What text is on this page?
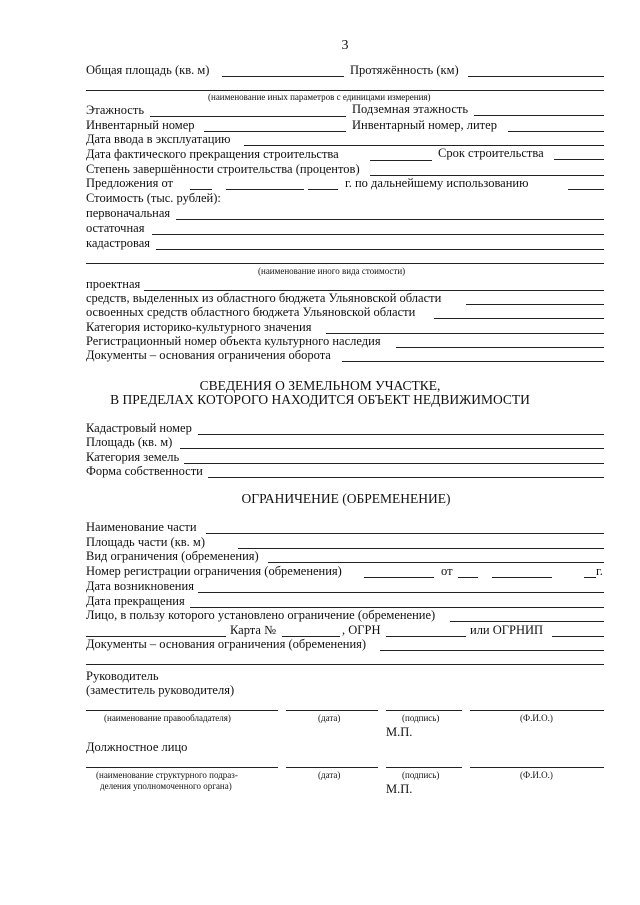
3
Общая площадь (кв. м)	Протяжённость (км)
(наименование иных параметров с единицами измерения)
Этажность	Подземная этажность
Инвентарный номер	Инвентарный номер, литер
Дата ввода в эксплуатацию
Дата фактического прекращения строительства	Срок строительства
Степень завершённости строительства (процентов)
Предложения от	г. по дальнейшему использованию
Стоимость (тыс. рублей):
первоначальная
остаточная
кадастровая
(наименование иного вида стоимости)
проектная
средств, выделенных из областного бюджета Ульяновской области
освоенных средств областного бюджета Ульяновской области
Категория историко-культурного значения
Регистрационный номер объекта культурного наследия
Документы – основания ограничения оборота
СВЕДЕНИЯ О ЗЕМЕЛЬНОМ УЧАСТКЕ,
В ПРЕДЕЛАХ КОТОРОГО НАХОДИТСЯ ОБЪЕКТ НЕДВИЖИМОСТИ
Кадастровый номер
Площадь (кв. м)
Категория земель
Форма собственности
ОГРАНИЧЕНИЕ (ОБРЕМЕНЕНИЕ)
Наименование части
Площадь части (кв. м)
Вид ограничения (обременения)
Номер регистрации ограничения (обременения)	от	г.
Дата возникновения
Дата прекращения
Лицо, в пользу которого установлено ограничение (обременение)
Карта №	, ОГРН	или ОГРНИП
Документы – основания ограничения (обременения)
Руководитель
(заместитель руководителя)
(наименование правообладателя)	(дата)	(подпись)	(Ф.И.О.)
М.П.
Должностное лицо
(наименование структурного подраз-
деления уполномоченного органа)
(дата)	(подпись)	(Ф.И.О.)
М.П.
